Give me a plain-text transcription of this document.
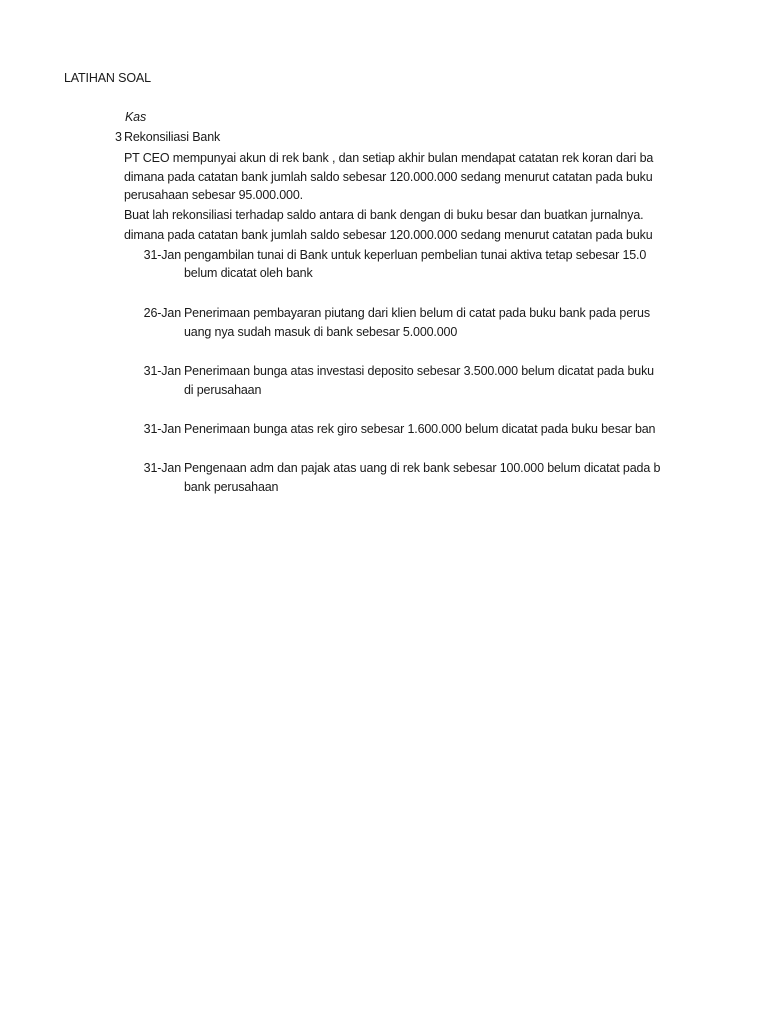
LATIHAN SOAL
Kas
3 Rekonsiliasi Bank
PT CEO mempunyai akun di rek bank , dan setiap akhir bulan mendapat catatan rek koran dari ba
dimana pada catatan bank jumlah saldo sebesar 120.000.000 sedang menurut catatan pada buku
perusahaan sebesar 95.000.000.
Buat lah rekonsiliasi terhadap saldo antara di bank dengan di buku besar dan buatkan jurnalnya.
dimana pada catatan bank jumlah saldo sebesar 120.000.000 sedang menurut catatan pada buku
31-Jan pengambilan tunai di Bank untuk keperluan pembelian tunai aktiva tetap sebesar 15.0
belum dicatat oleh bank
26-Jan Penerimaan pembayaran piutang dari klien belum di catat pada buku bank pada perus
uang nya sudah masuk di bank sebesar 5.000.000
31-Jan Penerimaan bunga atas investasi deposito sebesar 3.500.000 belum dicatat pada buku
di perusahaan
31-Jan Penerimaan bunga atas rek giro sebesar 1.600.000 belum dicatat pada buku besar ban
31-Jan Pengenaan adm dan pajak atas uang di rek bank sebesar 100.000 belum dicatat pada b
bank perusahaan
